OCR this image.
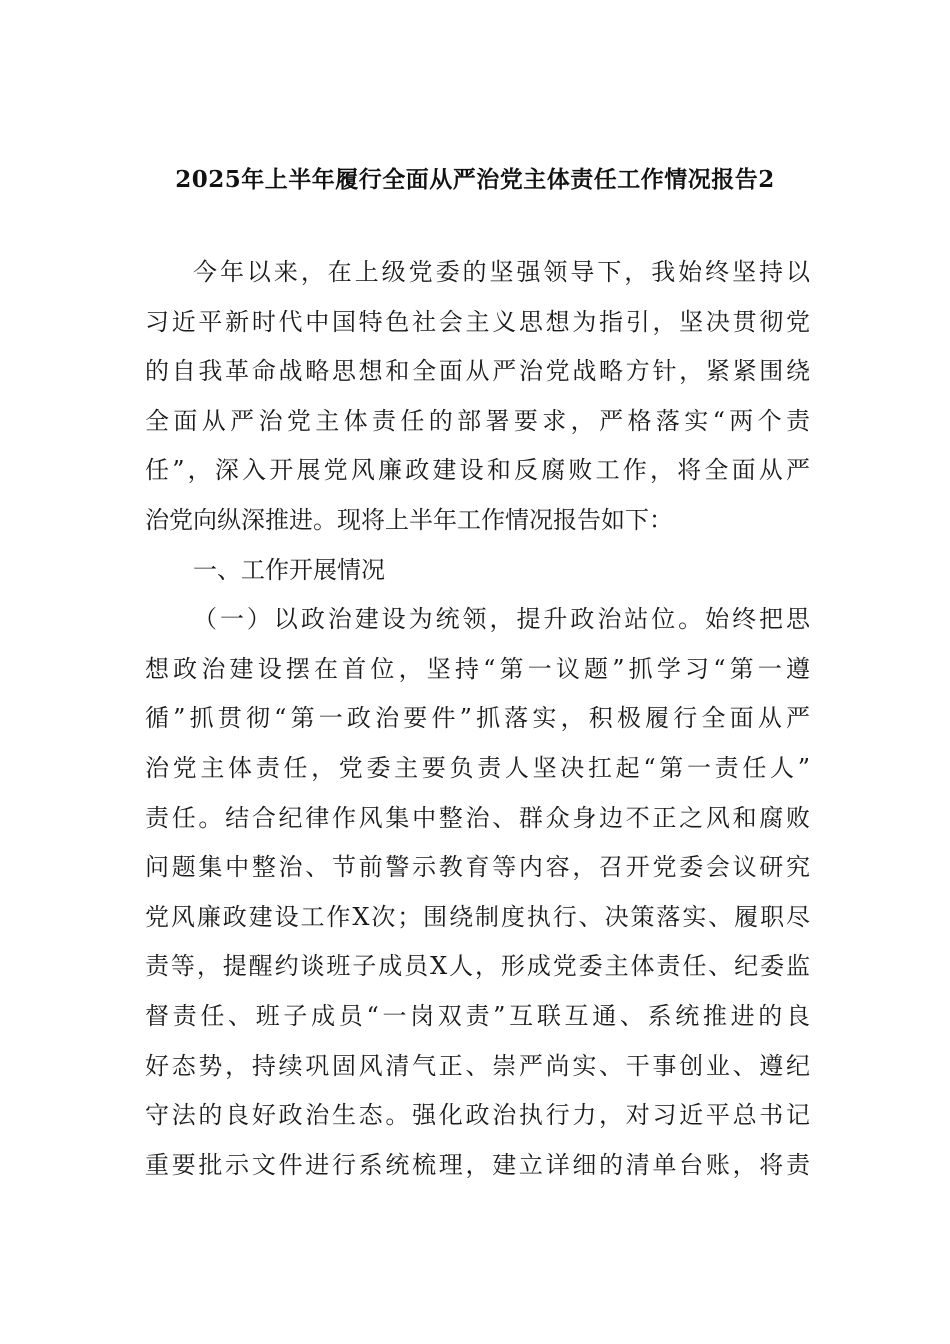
2025年上半年履行全面从严治党主体责任工作情况报告2
今年以来，在上级党委的坚强领导下，我始终坚持以
习近平新时代中国特色社会主义思想为指引，坚决贯彻党
的自我革命战略思想和全面从严治党战略方针，紧紧围绕
全面从严治党主体责任的部署要求，严格落实“两个责
任”，深入开展党风廉政建设和反腐败工作，将全面从严
治党向纵深推进。现将上半年工作情况报告如下：
一、工作开展情况
（一）以政治建设为统领，提升政治站位。始终把思
想政治建设摆在首位，坚持“第一议题”抓学习“第一遵
循”抓贯彻“第一政治要件”抓落实，积极履行全面从严
治党主体责任，党委主要负责人坚决扛起“第一责任人”
责任。结合纪律作风集中整治、群众身边不正之风和腐败
问题集中整治、节前警示教育等内容，召开党委会议研究
党风廉政建设工作X次；围绕制度执行、决策落实、履职尽
责等，提醒约谈班子成员X人，形成党委主体责任、纪委监
督责任、班子成员“一岗双责”互联互通、系统推进的良
好态势，持续巩固风清气正、崇严尚实、干事创业、遵纪
守法的良好政治生态。强化政治执行力，对习近平总书记
重要批示文件进行系统梳理，建立详细的清单台账，将责
